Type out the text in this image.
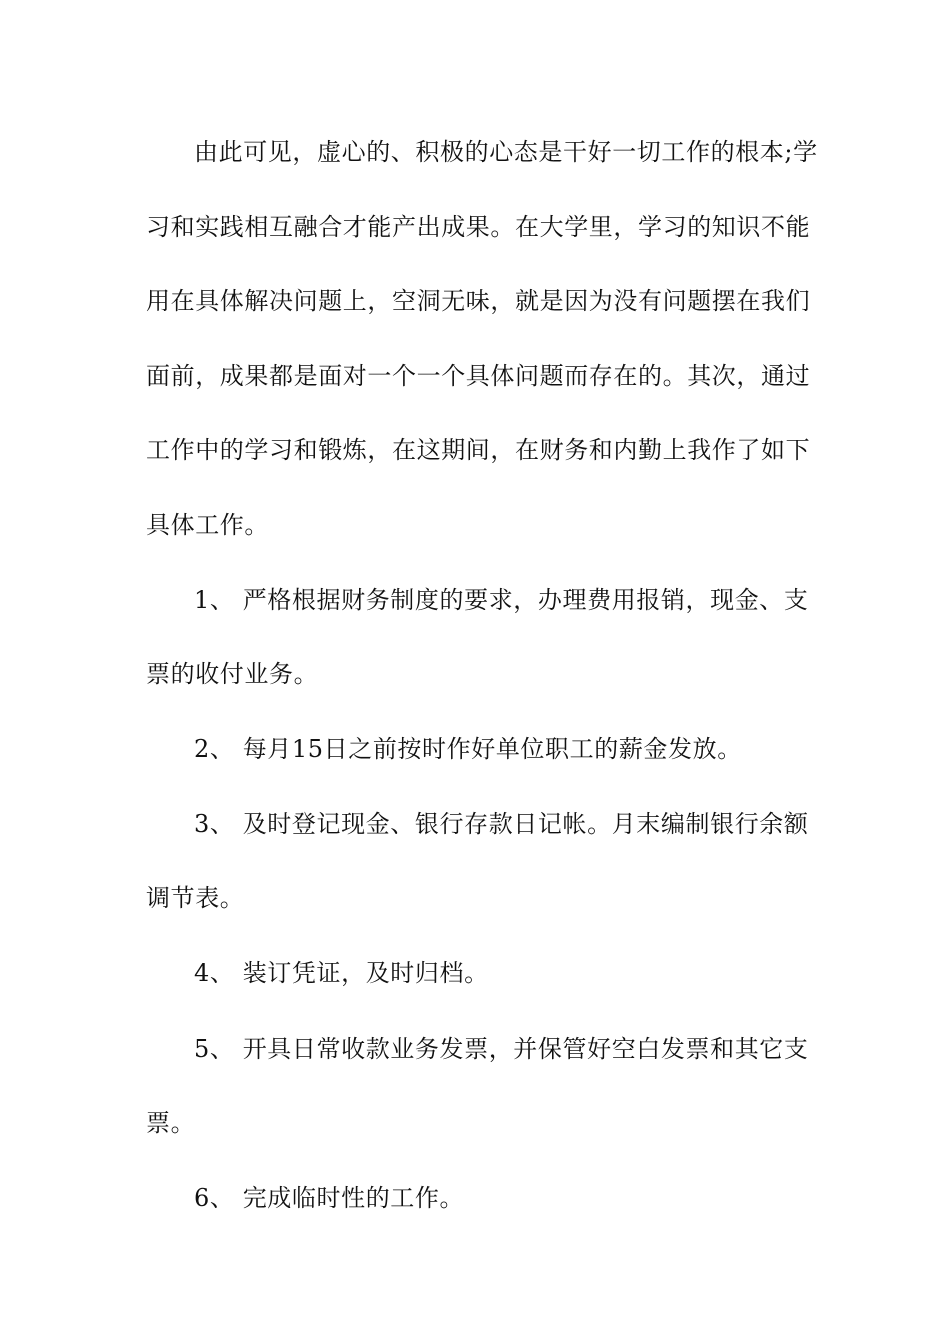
由此可见，虚心的、积极的心态是干好一切工作的根本;学
习和实践相互融合才能产出成果。在大学里，学习的知识不能
用在具体解决问题上，空洞无味，就是因为没有问题摆在我们
面前，成果都是面对一个一个具体问题而存在的。其次，通过
工作中的学习和锻炼，在这期间，在财务和内勤上我作了如下
具体工作。
1、 严格根据财务制度的要求，办理费用报销，现金、支
票的收付业务。
2、 每月15日之前按时作好单位职工的薪金发放。
3、 及时登记现金、银行存款日记帐。月末编制银行余额
调节表。
4、 装订凭证，及时归档。
5、 开具日常收款业务发票，并保管好空白发票和其它支
票。
6、 完成临时性的工作。
